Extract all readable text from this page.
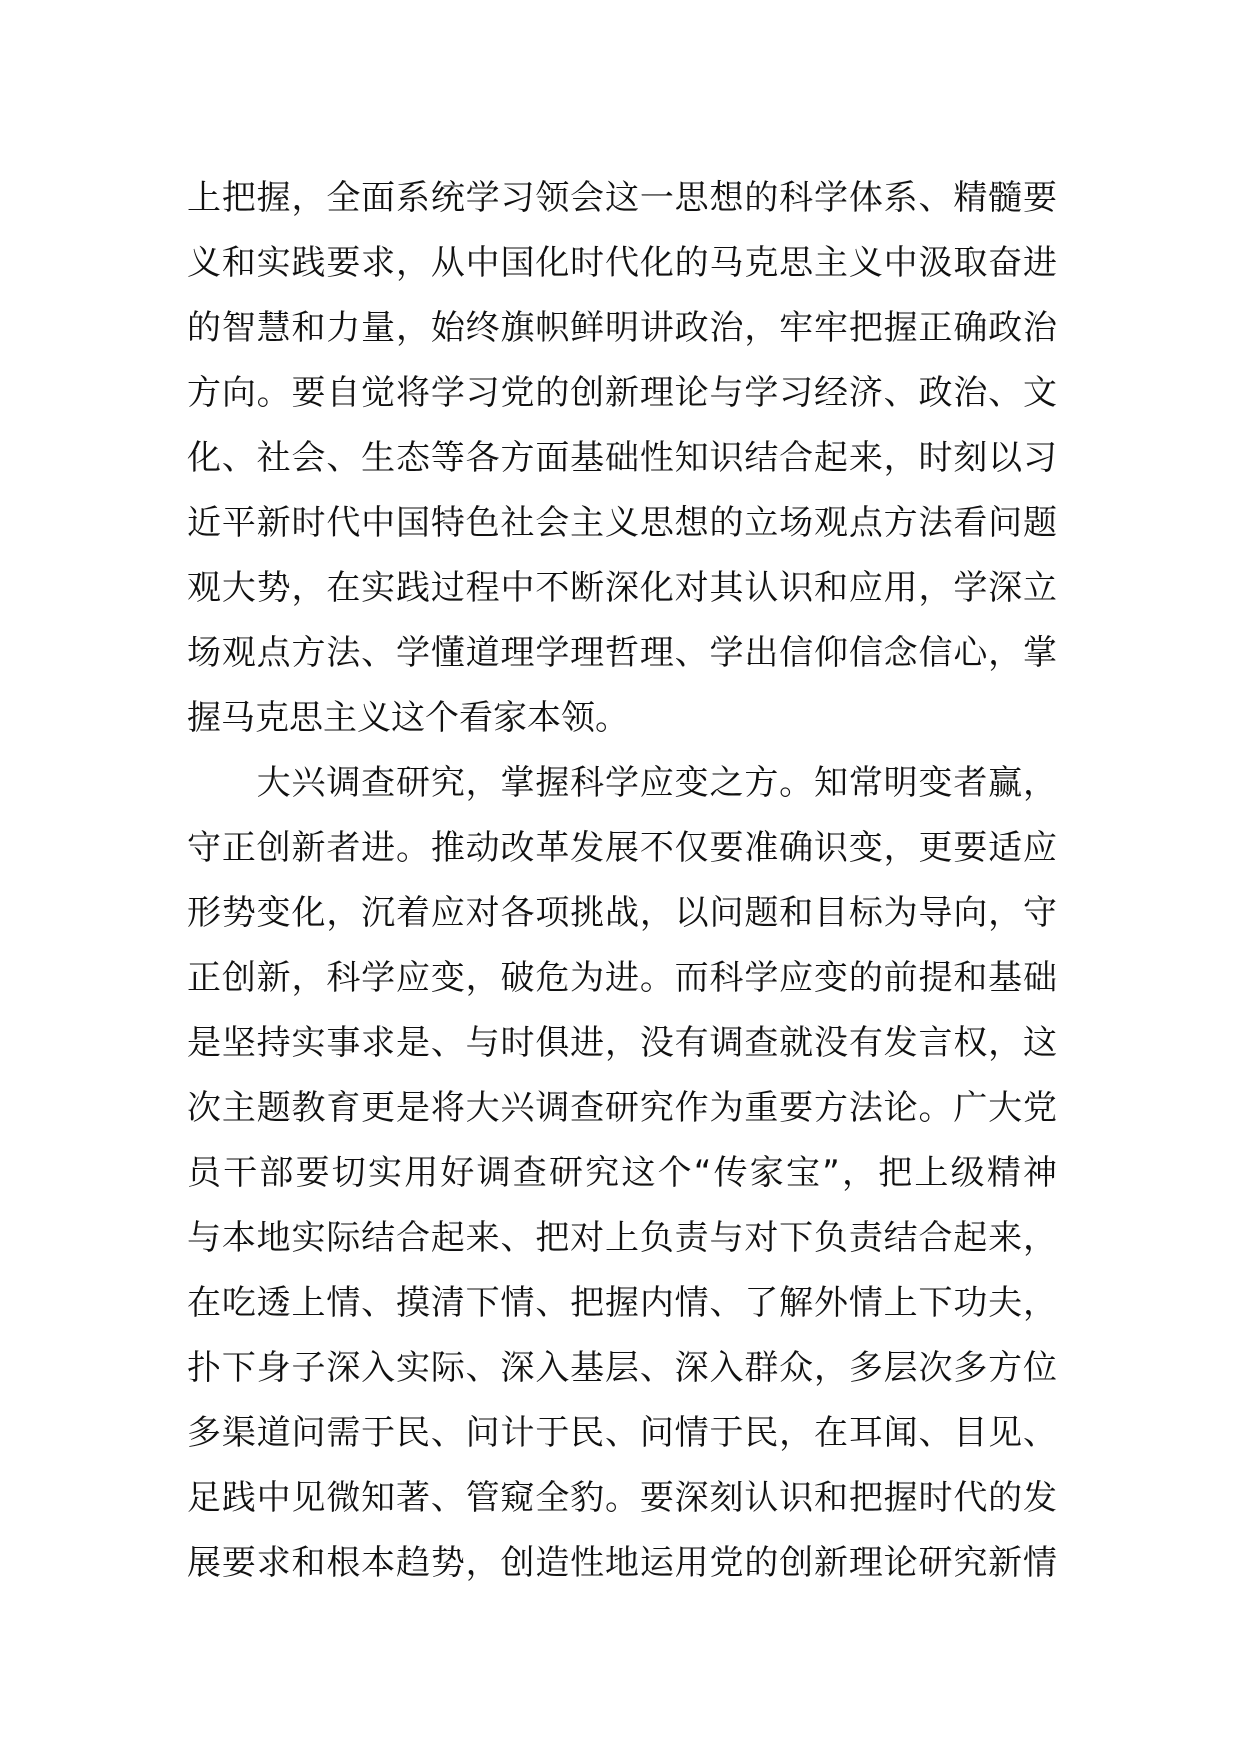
上把握，全面系统学习领会这一思想的科学体系、精髓要
义和实践要求，从中国化时代化的马克思主义中汲取奋进
的智慧和力量，始终旗帜鲜明讲政治，牢牢把握正确政治
方向。要自觉将学习党的创新理论与学习经济、政治、文
化、社会、生态等各方面基础性知识结合起来，时刻以习
近平新时代中国特色社会主义思想的立场观点方法看问题
观大势，在实践过程中不断深化对其认识和应用，学深立
场观点方法、学懂道理学理哲理、学出信仰信念信心，掌
握马克思主义这个看家本领。
　　大兴调查研究，掌握科学应变之方。知常明变者赢，
守正创新者进。推动改革发展不仅要准确识变，更要适应
形势变化，沉着应对各项挑战，以问题和目标为导向，守
正创新，科学应变，破危为进。而科学应变的前提和基础
是坚持实事求是、与时俱进，没有调查就没有发言权，这
次主题教育更是将大兴调查研究作为重要方法论。广大党
员干部要切实用好调查研究这个“传家宝”，把上级精神
与本地实际结合起来、把对上负责与对下负责结合起来，
在吃透上情、摸清下情、把握内情、了解外情上下功夫，
扑下身子深入实际、深入基层、深入群众，多层次多方位
多渠道问需于民、问计于民、问情于民，在耳闻、目见、
足践中见微知著、管窥全豹。要深刻认识和把握时代的发
展要求和根本趋势，创造性地运用党的创新理论研究新情
